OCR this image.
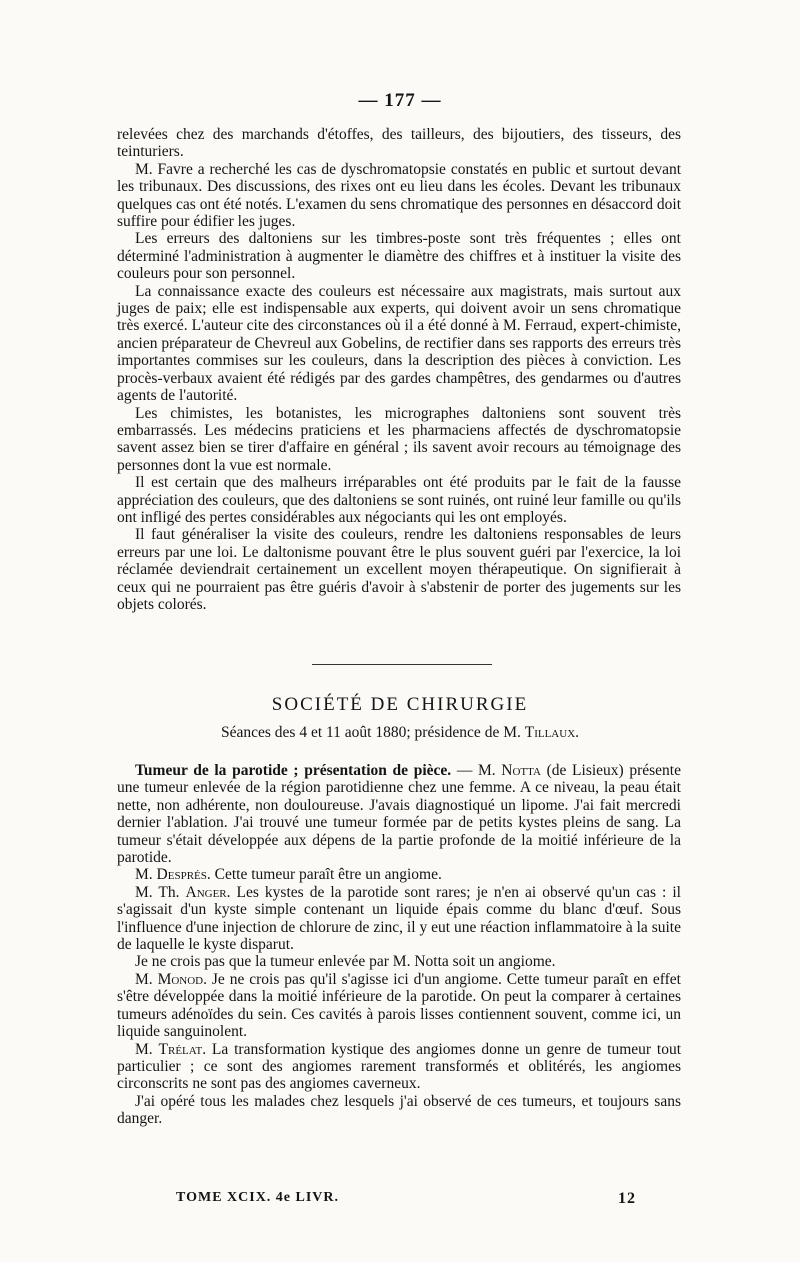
— 177 —

relevées chez des marchands d'étoffes, des tailleurs, des bijoutiers, des tisseurs, des teinturiers.

M. Favre a recherché les cas de dyschromatopsie constatés en public et surtout devant les tribunaux. Des discussions, des rixes ont eu lieu dans les écoles. Devant les tribunaux quelques cas ont été notés. L'examen du sens chromatique des personnes en désaccord doit suffire pour édifier les juges.

Les erreurs des daltoniens sur les timbres-poste sont très fréquentes ; elles ont déterminé l'administration à augmenter le diamètre des chiffres et à instituer la visite des couleurs pour son personnel.

La connaissance exacte des couleurs est nécessaire aux magistrats, mais surtout aux juges de paix; elle est indispensable aux experts, qui doivent avoir un sens chromatique très exercé. L'auteur cite des circonstances où il a été donné à M. Ferraud, expert-chimiste, ancien préparateur de Chevreul aux Gobelins, de rectifier dans ses rapports des erreurs très importantes commises sur les couleurs, dans la description des pièces à conviction. Les procès-verbaux avaient été rédigés par des gardes champêtres, des gendarmes ou d'autres agents de l'autorité.

Les chimistes, les botanistes, les micrographes daltoniens sont souvent très embarrassés. Les médecins praticiens et les pharmaciens affectés de dyschromatopsie savent assez bien se tirer d'affaire en général ; ils savent avoir recours au témoignage des personnes dont la vue est normale.

Il est certain que des malheurs irréparables ont été produits par le fait de la fausse appréciation des couleurs, que des daltoniens se sont ruinés, ont ruiné leur famille ou qu'ils ont infligé des pertes considérables aux négociants qui les ont employés.

Il faut généraliser la visite des couleurs, rendre les daltoniens responsables de leurs erreurs par une loi. Le daltonisme pouvant être le plus souvent guéri par l'exercice, la loi réclamée deviendrait certainement un excellent moyen thérapeutique. On signifierait à ceux qui ne pourraient pas être guéris d'avoir à s'abstenir de porter des jugements sur les objets colorés.

SOCIÉTÉ DE CHIRURGIE
Séances des 4 et 11 août 1880; présidence de M. Tillaux.

Tumeur de la parotide ; présentation de pièce. — M. Notta (de Lisieux) présente une tumeur enlevée de la région parotidienne chez une femme. A ce niveau, la peau était nette, non adhérente, non douloureuse. J'avais diagnostiqué un lipome. J'ai fait mercredi dernier l'ablation. J'ai trouvé une tumeur formée par de petits kystes pleins de sang. La tumeur s'était développée aux dépens de la partie profonde de la moitié inférieure de la parotide.

M. Després. Cette tumeur paraît être un angiome.

M. Th. Anger. Les kystes de la parotide sont rares; je n'en ai observé qu'un cas : il s'agissait d'un kyste simple contenant un liquide épais comme du blanc d'œuf. Sous l'influence d'une injection de chlorure de zinc, il y eut une réaction inflammatoire à la suite de laquelle le kyste disparut.

Je ne crois pas que la tumeur enlevée par M. Notta soit un angiome.

M. Monod. Je ne crois pas qu'il s'agisse ici d'un angiome. Cette tumeur paraît en effet s'être développée dans la moitié inférieure de la parotide. On peut la comparer à certaines tumeurs adénoïdes du sein. Ces cavités à parois lisses contiennent souvent, comme ici, un liquide sanguinolent.

M. Trélat. La transformation kystique des angiomes donne un genre de tumeur tout particulier ; ce sont des angiomes rarement transformés et oblitérés, les angiomes circonscrits ne sont pas des angiomes caverneux.

J'ai opéré tous les malades chez lesquels j'ai observé de ces tumeurs, et toujours sans danger.

TOME XCIX. 4e LIVR.	12
